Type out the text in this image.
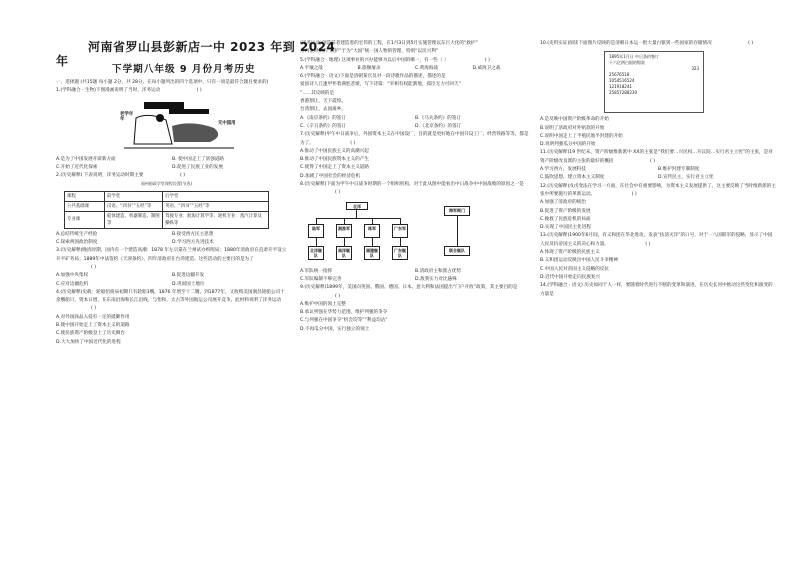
河南省罗山县彭新店一中 2023 年到 2024
年
下学期八年级 9 月份月考历史
一、选择题 (共15题 每小题 2分，共 28分。在每小题列出的四个选项中，只有一项是最符合题目要求的)
1.(学科融合 · 生物)下图漫画说明了当时，洋务运动	( )
老学年年
无中国用
A.是为了中国发展开辟新方面	B. 使中国走上了富强道路
C.开始了近代化探索	D.促进了民族工业的发展
2.(历史解释) 下表说明，洋务运动时期主要	( )
福州船政学堂课程设置(节选)
课程	前学堂	后学堂
公共基础课	汉语、“四书”“五经”等	英语、“四书”“五经”等
专业课	船体建造、机器制造、制图等	驾驶专业：航海计算学等；轮机专业：蒸汽计算及操纵等
A.总结传统生产经验	B.接受西方民主思想
C.探索两国政治制度	D.学习西方先进技术
3.(历史解释)晚清时期，国内有一个建造高潮：1878 年左宗棠在兰州试办织呢局；1880年清政府在直隶开平设立开平矿务局；1889年中法签约《天津条约》，四年清政府在台湾建造。这些活动的主要目的是为了 ( )
A.加强中央集权	B.促进边疆开发
C.应对边疆危机	D.巩固国土地位
4.(历史解释)史载：轮船招商局初期只有轮船3艘，1876 年增至十二艘，到1877年，又收购美国旗昌轮船公司十余艘船只，资本日增，在东南沿海和长江沿线，与怡和、太古等外国航运公司展开竞争。此材料说明了洋务运动 ( )
A.对外国商品入侵有一定的抵御作用
B.使中国开始走上了资本主义的道路
C.使民族资产阶级登上了历史舞台
D.大大加快了中国近代化的进程
(洋务运动)创造前者建造着的宏伟的工程，在1月3日到5月实施管理以东巨大化的“救护”
万两金时期的“救护”于为“大国”统一国人物的管理，特别“以民兴利”
5.(学科融合 · 地理) 这项事业的兴办能够为以后中国的哪一，有一些（ ）	( )
A.平壤之战	B.旅顺屠杀	C.黄海海战	D.威海卫之战
6.(学科融合 · 语文)下面是清朝某官员对一段诗歌作品的描述，描述的是
爱国诗人丘逢甲怀着满腔悲愤，写下诗篇：“宰相有权能割地，孤臣无力可回天”
”......其反映的是
香港割让，天下震惊。
台湾割让，去国离乡。
A.《南京条约》的签订	B.《马关条约》的签订
C.《辛丑条约》的签订	D.《北京条约》的签订
7.(历史解释)甲午中日战争后，外国资本主义在中国设厂，目的就是更好地在中国开设工厂、经营铁路等等，都是为了。	( )
A.推动了中国民族主义的高潮兴起
B.推动了中国民族资本主义的产生
C.使得了中国走上了资本主义道路
D.加剧了中国社会的经济危机
8.(历史解释)下面为甲午中日战争时期的一个组织机构，对于此从图中能看出中日战争中中国战败的原因之一是 ( )
北洋
陆军	湘淮军	练军	广东军
北洋舰队
南洋舰队
福建舰队
广东舰队
海军衙门
联合舰队
A.军队统一指挥	B.清政府主和派占优势
C.军队编制不够完善	D.敌我实力对比悬殊
9.(历史解释)1899年，美国向英国、俄国、德国、日本、意大利和法国提出“门户开放”政策，其主要目的是 ( )
A.维护中国的领土完整
B.承认列强在华势力范围，维护列强的争夺
C.与列强在中国争夺“机会均等”“利益均沾”
D.不再瓜分中国，实行独立的领土
10.(史料实证)阅读下面图片反映的是清朝日本运一批大量白银到一些国家的存储情况	( )
1895年1月日 中日条约签订
十六亿两白银的赔款
323
25676518
1054516524
121918241
25857288230
A.是反映中国资产阶级革命的开始
B.说明了清政府对外赔款的开始
C.说明中国走上了半殖民地半封建的开始
D.说明列强瓜分中国的开始
11.(历史解释)19 世纪末，资产阶级维新派中 XX的主张是“我们要…兴民权…开议院…实行君主立宪”的主张，是对资产阶级改良派的主张的最好的概括	( )
A.学习西方，发展科技	B.维护封建专制制度
C.鼓吹思想，建立资本主义制度	D.宣传民主，实行君主立宪
12.(历史解释)戊戌变法在学习一方面，在社会中有重要影响，为资本主义发展提供了。这主要反映了当时维新派的主张中所要施行的革新运动。	( )
A.加强了清政府的统治
B.促进了资产阶级的发展
C.挽救了民族危机的局面
D.实现了中国民主化进程
13.(历史解释)1900年6月间，有义和团在华北进攻，发表“扶清灭洋”的口号，对于一八国联军的侵略，显示了中国人民反抗帝国主义的决心和力量。	( )
A.体现了资产阶级的民族主义
B.义和团运动反映出中国人民斗争精神
C.中国人民对帝国主义侵略的反抗
D.近代中国开始走向民族复兴
14.(学科融合 · 语文) 历史如同于人一样，要随着时代进行不断的变革和演进，在历史长河中推动这些变化和演变的力量是
